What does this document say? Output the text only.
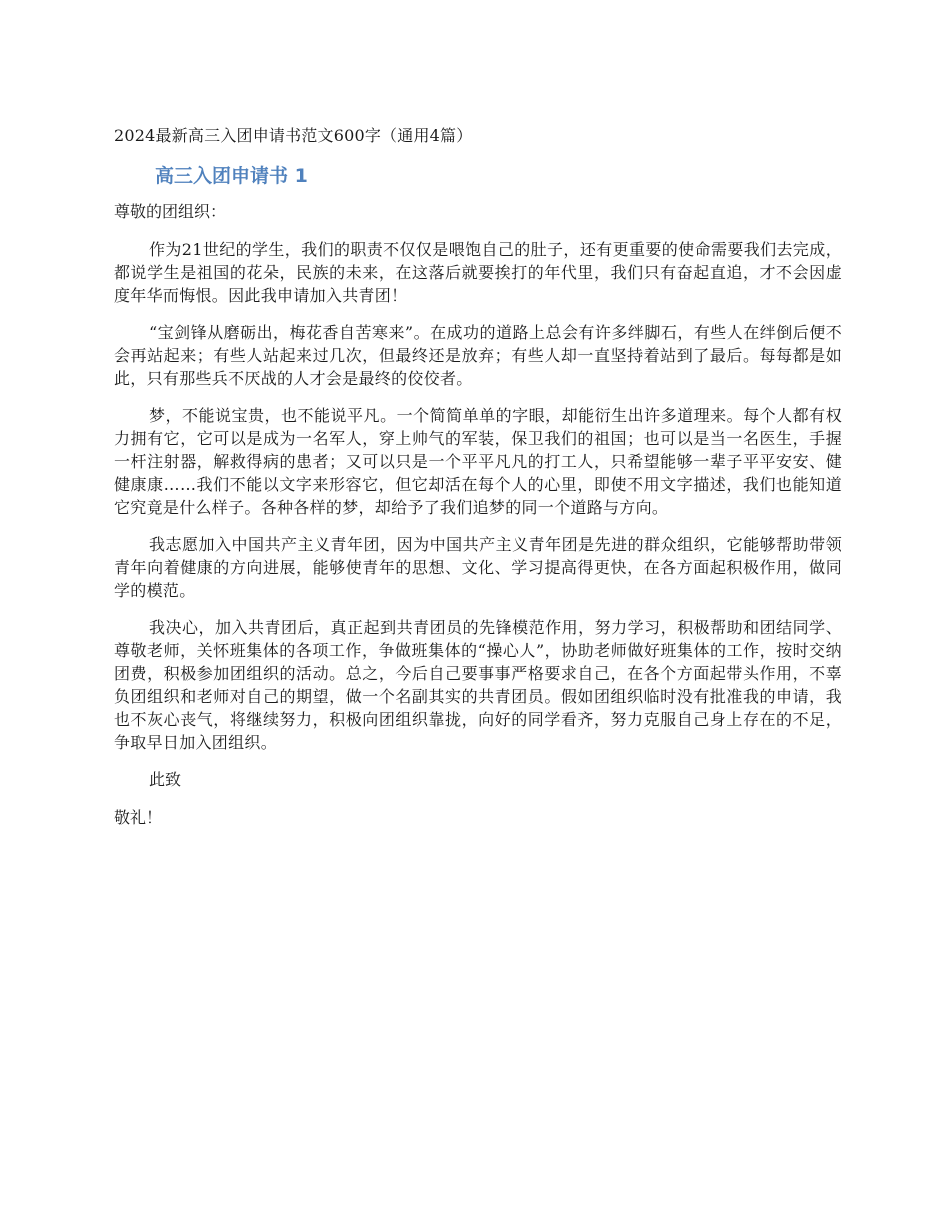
2024最新高三入团申请书范文600字（通用4篇）

高三入团申请书 1

尊敬的团组织：

作为21世纪的学生，我们的职责不仅仅是喂饱自己的肚子，还有更重要的使命需要我们去完成，都说学生是祖国的花朵，民族的未来，在这落后就要挨打的年代里，我们只有奋起直追，才不会因虚度年华而悔恨。因此我申请加入共青团！

“宝剑锋从磨砺出，梅花香自苦寒来”。在成功的道路上总会有许多绊脚石，有些人在绊倒后便不会再站起来；有些人站起来过几次，但最终还是放弃；有些人却一直坚持着站到了最后。每每都是如此，只有那些兵不厌战的人才会是最终的佼佼者。

梦，不能说宝贵，也不能说平凡。一个简简单单的字眼，却能衍生出许多道理来。每个人都有权力拥有它，它可以是成为一名军人，穿上帅气的军装，保卫我们的祖国；也可以是当一名医生，手握一杆注射器，解救得病的患者；又可以只是一个平平凡凡的打工人，只希望能够一辈子平平安安、健健康康……我们不能以文字来形容它，但它却活在每个人的心里，即使不用文字描述，我们也能知道它究竟是什么样子。各种各样的梦，却给予了我们追梦的同一个道路与方向。

我志愿加入中国共产主义青年团，因为中国共产主义青年团是先进的群众组织，它能够帮助带领青年向着健康的方向进展，能够使青年的思想、文化、学习提高得更快，在各方面起积极作用，做同学的模范。

我决心，加入共青团后，真正起到共青团员的先锋模范作用，努力学习，积极帮助和团结同学、尊敬老师，关怀班集体的各项工作，争做班集体的“操心人”，协助老师做好班集体的工作，按时交纳团费，积极参加团组织的活动。总之，今后自己要事事严格要求自己，在各个方面起带头作用，不辜负团组织和老师对自己的期望，做一个名副其实的共青团员。假如团组织临时没有批准我的申请，我也不灰心丧气，将继续努力，积极向团组织靠拢，向好的同学看齐，努力克服自己身上存在的不足，争取早日加入团组织。

此致

敬礼！
